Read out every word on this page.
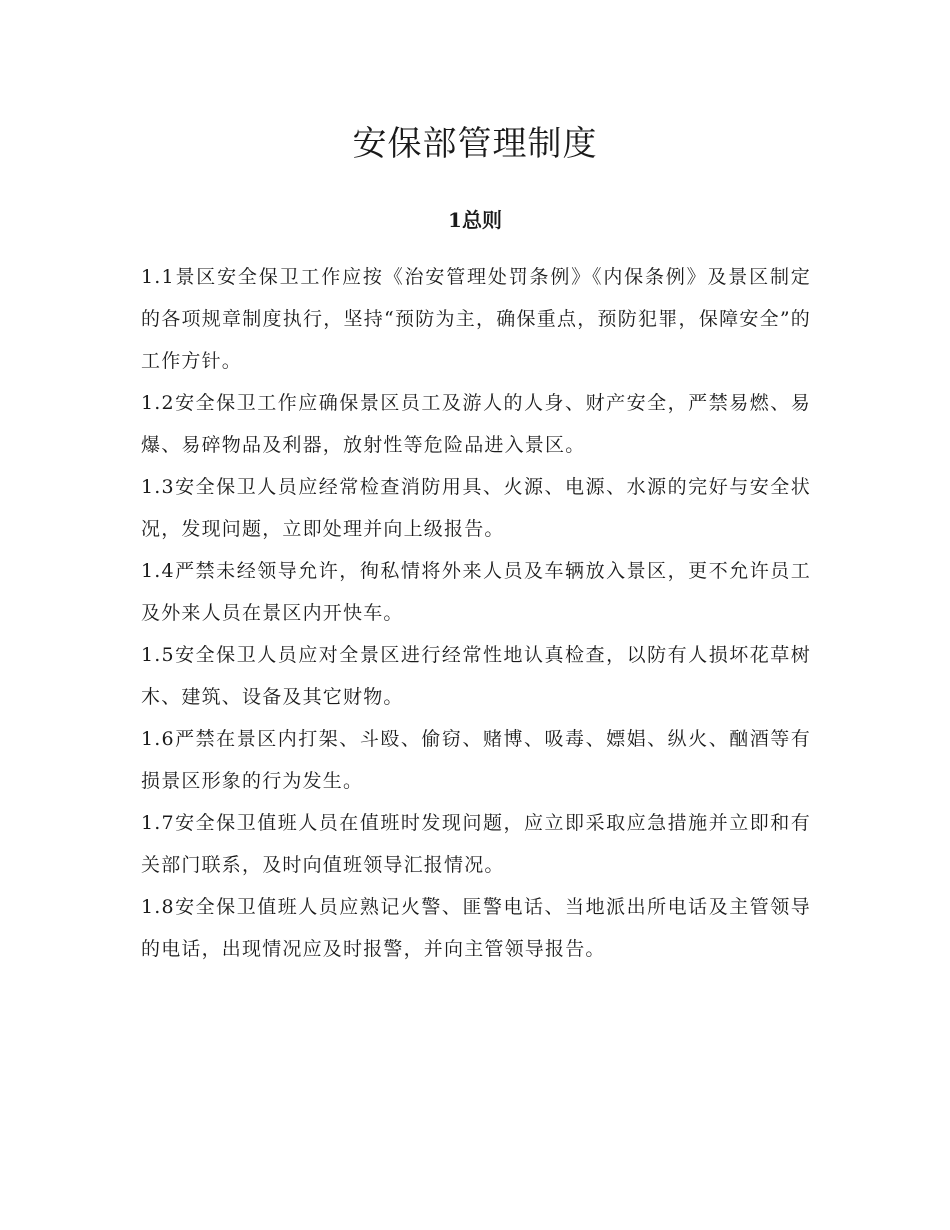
安保部管理制度
1总则

1.1景区安全保卫工作应按《治安管理处罚条例》《内保条例》及景区制定的各项规章制度执行，坚持“预防为主，确保重点，预防犯罪，保障安全”的工作方针。

1.2安全保卫工作应确保景区员工及游人的人身、财产安全，严禁易燃、易爆、易碎物品及利器，放射性等危险品进入景区。

1.3安全保卫人员应经常检查消防用具、火源、电源、水源的完好与安全状况，发现问题，立即处理并向上级报告。

1.4严禁未经领导允许，徇私情将外来人员及车辆放入景区，更不允许员工及外来人员在景区内开快车。

1.5安全保卫人员应对全景区进行经常性地认真检查，以防有人损坏花草树木、建筑、设备及其它财物。

1.6严禁在景区内打架、斗殴、偷窃、赌博、吸毒、嫖娼、纵火、酗酒等有损景区形象的行为发生。

1.7安全保卫值班人员在值班时发现问题，应立即采取应急措施并立即和有关部门联系，及时向值班领导汇报情况。

1.8安全保卫值班人员应熟记火警、匪警电话、当地派出所电话及主管领导的电话，出现情况应及时报警，并向主管领导报告。
